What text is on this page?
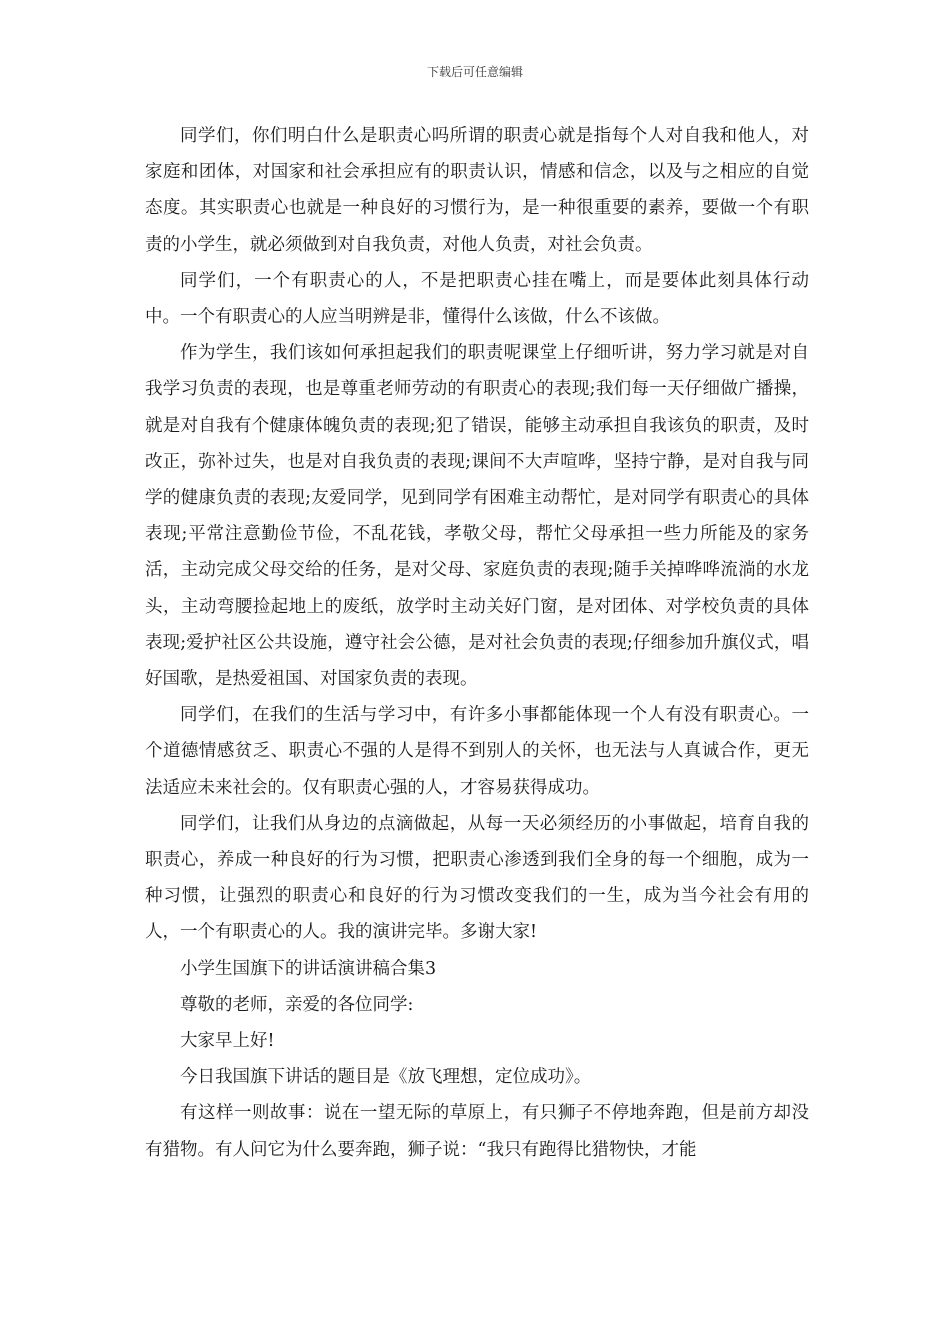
下载后可任意编辑

同学们，你们明白什么是职责心吗所谓的职责心就是指每个人对自我和他人，对家庭和团体，对国家和社会承担应有的职责认识，情感和信念，以及与之相应的自觉态度。其实职责心也就是一种良好的习惯行为，是一种很重要的素养，要做一个有职责的小学生，就必须做到对自我负责，对他人负责，对社会负责。

同学们，一个有职责心的人，不是把职责心挂在嘴上，而是要体此刻具体行动中。一个有职责心的人应当明辨是非，懂得什么该做，什么不该做。

作为学生，我们该如何承担起我们的职责呢课堂上仔细听讲，努力学习就是对自我学习负责的表现，也是尊重老师劳动的有职责心的表现;我们每一天仔细做广播操，就是对自我有个健康体魄负责的表现;犯了错误，能够主动承担自我该负的职责，及时改正，弥补过失，也是对自我负责的表现;课间不大声喧哗，坚持宁静，是对自我与同学的健康负责的表现;友爱同学，见到同学有困难主动帮忙，是对同学有职责心的具体表现;平常注意勤俭节俭，不乱花钱，孝敬父母，帮忙父母承担一些力所能及的家务活，主动完成父母交给的任务，是对父母、家庭负责的表现;随手关掉哗哗流淌的水龙头，主动弯腰捡起地上的废纸，放学时主动关好门窗，是对团体、对学校负责的具体表现;爱护社区公共设施，遵守社会公德，是对社会负责的表现;仔细参加升旗仪式，唱好国歌，是热爱祖国、对国家负责的表现。

同学们，在我们的生活与学习中，有许多小事都能体现一个人有没有职责心。一个道德情感贫乏、职责心不强的人是得不到别人的关怀，也无法与人真诚合作，更无法适应未来社会的。仅有职责心强的人，才容易获得成功。

同学们，让我们从身边的点滴做起，从每一天必须经历的小事做起，培育自我的职责心，养成一种良好的行为习惯，把职责心渗透到我们全身的每一个细胞，成为一种习惯，让强烈的职责心和良好的行为习惯改变我们的一生，成为当今社会有用的人，一个有职责心的人。我的演讲完毕。多谢大家!

小学生国旗下的讲话演讲稿合集3

尊敬的老师，亲爱的各位同学:

大家早上好!

今日我国旗下讲话的题目是《放飞理想，定位成功》。

有这样一则故事：说在一望无际的草原上，有只狮子不停地奔跑，但是前方却没有猎物。有人问它为什么要奔跑，狮子说：“我只有跑得比猎物快，才能
